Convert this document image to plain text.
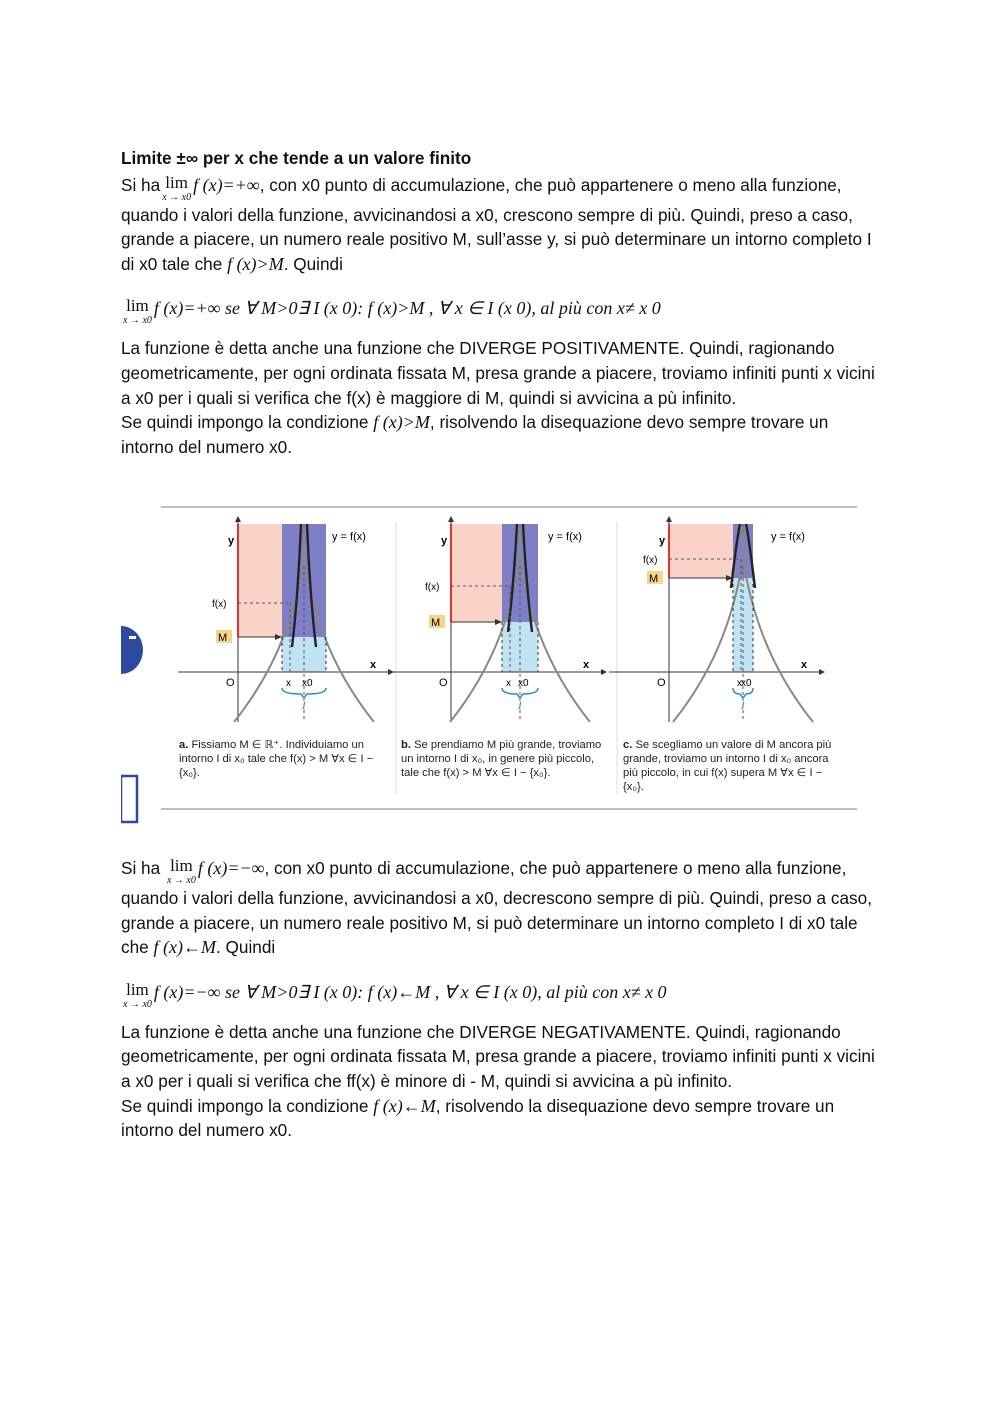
Limite ±∞ per x che tende a un valore finito

Si ha lim
x → x0
f (x)=+∞, con x0 punto di accumulazione, che può appartenere o meno alla funzione, quando i valori della funzione, avvicinandosi a x0, crescono sempre di più. Quindi, preso a caso, grande a piacere, un numero reale positivo M, sull’asse y, si può determinare un intorno completo I di x0 tale che f (x)>M. Quindi

lim
x → x0
f (x)=+∞ se ∀ M>0∃ I (x 0): f (x)>M , ∀ x ∈ I (x 0), al più con x≠ x 0

La funzione è detta anche una funzione che DIVERGE POSITIVAMENTE. Quindi, ragionando geometricamente, per ogni ordinata fissata M, presa grande a piacere, troviamo infiniti punti x vicini a x0 per i quali si verifica che f(x) è maggiore di M, quindi si avvicina a pù infinito.

Se quindi impongo la condizione f (x)>M, risolvendo la disequazione devo sempre trovare un intorno del numero x0.

y	y = f(x)
x
O
f(x)
M
x x0
I
y	y = f(x)
x
O
f(x)
M
x x0
I
y	y = f(x)
x
O
f(x)
M
x x0
I
a. Fissiamo M ∈ ℝ⁺. Individuiamo un intorno I di x₀ tale che f(x) > M ∀x ∈ I − {x₀}.
b. Se prendiamo M più grande, troviamo un intorno I di x₀, in genere più piccolo, tale che f(x) > M ∀x ∈ I − {x₀}.
c. Se scegliamo un valore di M ancora più grande, troviamo un intorno I di x₀ ancora più piccolo, in cui f(x) supera M ∀x ∈ I − {x₀}.

Si ha lim
x → x0
f (x)=−∞, con x0 punto di accumulazione, che può appartenere o meno alla funzione, quando i valori della funzione, avvicinandosi a x0, decrescono sempre di più. Quindi, preso a caso, grande a piacere, un numero reale positivo M, si può determinare un intorno completo I di x0 tale che f (x)←M. Quindi

lim
x → x0
f (x)=−∞ se ∀ M>0∃ I (x 0): f (x)←M , ∀ x ∈ I (x 0), al più con x≠ x 0

La funzione è detta anche una funzione che DIVERGE NEGATIVAMENTE. Quindi, ragionando geometricamente, per ogni ordinata fissata M, presa grande a piacere, troviamo infiniti punti x vicini a x0 per i quali si verifica che ff(x) è minore di - M, quindi si avvicina a pù infinito.

Se quindi impongo la condizione f (x)←M, risolvendo la disequazione devo sempre trovare un intorno del numero x0.
